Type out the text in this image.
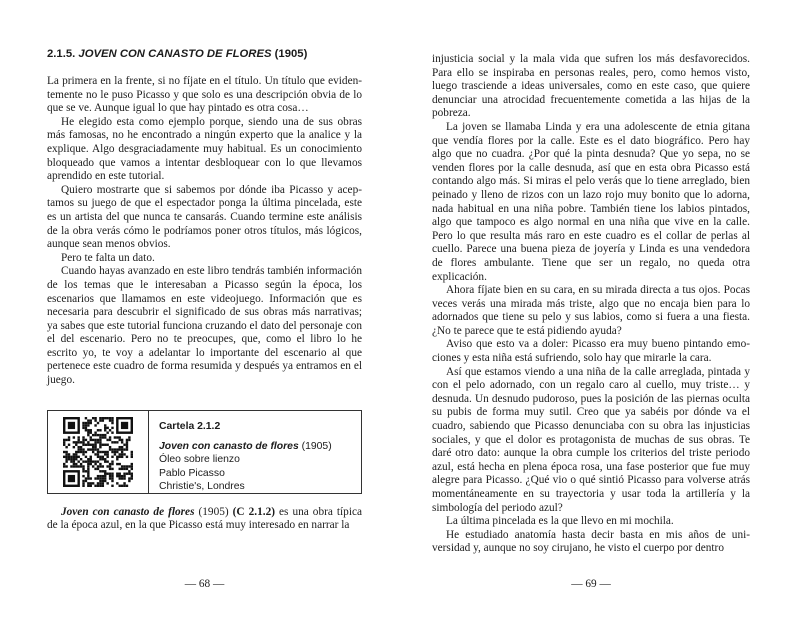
2.1.5. JOVEN CON CANASTO DE FLORES (1905)

La primera en la frente, si no fíjate en el título. Un título que evidentemente no le puso Picasso y que solo es una descripción obvia de lo que se ve. Aunque igual lo que hay pintado es otra cosa…

He elegido esta como ejemplo porque, siendo una de sus obras más famosas, no he encontrado a ningún experto que la analice y la explique. Algo desgraciadamente muy habitual. Es un conocimiento bloqueado que vamos a intentar desbloquear con lo que llevamos aprendido en este tutorial.

Quiero mostrarte que si sabemos por dónde iba Picasso y aceptamos su juego de que el espectador ponga la última pincelada, este es un artista del que nunca te cansarás. Cuando termine este análisis de la obra verás cómo le podríamos poner otros títulos, más lógicos, aunque sean menos obvios.

Pero te falta un dato.

Cuando hayas avanzado en este libro tendrás también información de los temas que le interesaban a Picasso según la época, los escenarios que llamamos en este videojuego. Información que es necesaria para descubrir el significado de sus obras más narrativas; ya sabes que este tutorial funciona cruzando el dato del personaje con el del escenario. Pero no te preocupes, que, como el libro lo he escrito yo, te voy a adelantar lo importante del escenario al que pertenece este cuadro de forma resumida y después ya entramos en el juego.

Cartela 2.1.2
Joven con canasto de flores (1905)
Óleo sobre lienzo
Pablo Picasso
Christie's, Londres

Joven con canasto de flores (1905) (C 2.1.2) es una obra típica de la época azul, en la que Picasso está muy interesado en narrar la

— 68 —

injusticia social y la mala vida que sufren los más desfavorecidos. Para ello se inspiraba en personas reales, pero, como hemos visto, luego trasciende a ideas universales, como en este caso, que quiere denunciar una atrocidad frecuentemente cometida a las hijas de la pobreza.

La joven se llamaba Linda y era una adolescente de etnia gitana que vendía flores por la calle. Este es el dato biográfico. Pero hay algo que no cuadra. ¿Por qué la pinta desnuda? Que yo sepa, no se venden flores por la calle desnuda, así que en esta obra Picasso está contando algo más. Si miras el pelo verás que lo tiene arreglado, bien peinado y lleno de rizos con un lazo rojo muy bonito que lo adorna, nada habitual en una niña pobre. También tiene los labios pintados, algo que tampoco es algo normal en una niña que vive en la calle. Pero lo que resulta más raro en este cuadro es el collar de perlas al cuello. Parece una buena pieza de joyería y Linda es una vendedora de flores ambulante. Tiene que ser un regalo, no queda otra explicación.

Ahora fíjate bien en su cara, en su mirada directa a tus ojos. Pocas veces verás una mirada más triste, algo que no encaja bien para lo adornados que tiene su pelo y sus labios, como si fuera a una fiesta. ¿No te parece que te está pidiendo ayuda?

Aviso que esto va a doler: Picasso era muy bueno pintando emociones y esta niña está sufriendo, solo hay que mirarle la cara.

Así que estamos viendo a una niña de la calle arreglada, pintada y con el pelo adornado, con un regalo caro al cuello, muy triste… y desnuda. Un desnudo pudoroso, pues la posición de las piernas oculta su pubis de forma muy sutil. Creo que ya sabéis por dónde va el cuadro, sabiendo que Picasso denunciaba con su obra las injusticias sociales, y que el dolor es protagonista de muchas de sus obras. Te daré otro dato: aunque la obra cumple los criterios del triste periodo azul, está hecha en plena época rosa, una fase posterior que fue muy alegre para Picasso. ¿Qué vio o qué sintió Picasso para volverse atrás momentáneamente en su trayectoria y usar toda la artillería y la simbología del periodo azul?

La última pincelada es la que llevo en mi mochila.

He estudiado anatomía hasta decir basta en mis años de universidad y, aunque no soy cirujano, he visto el cuerpo por dentro

— 69 —
